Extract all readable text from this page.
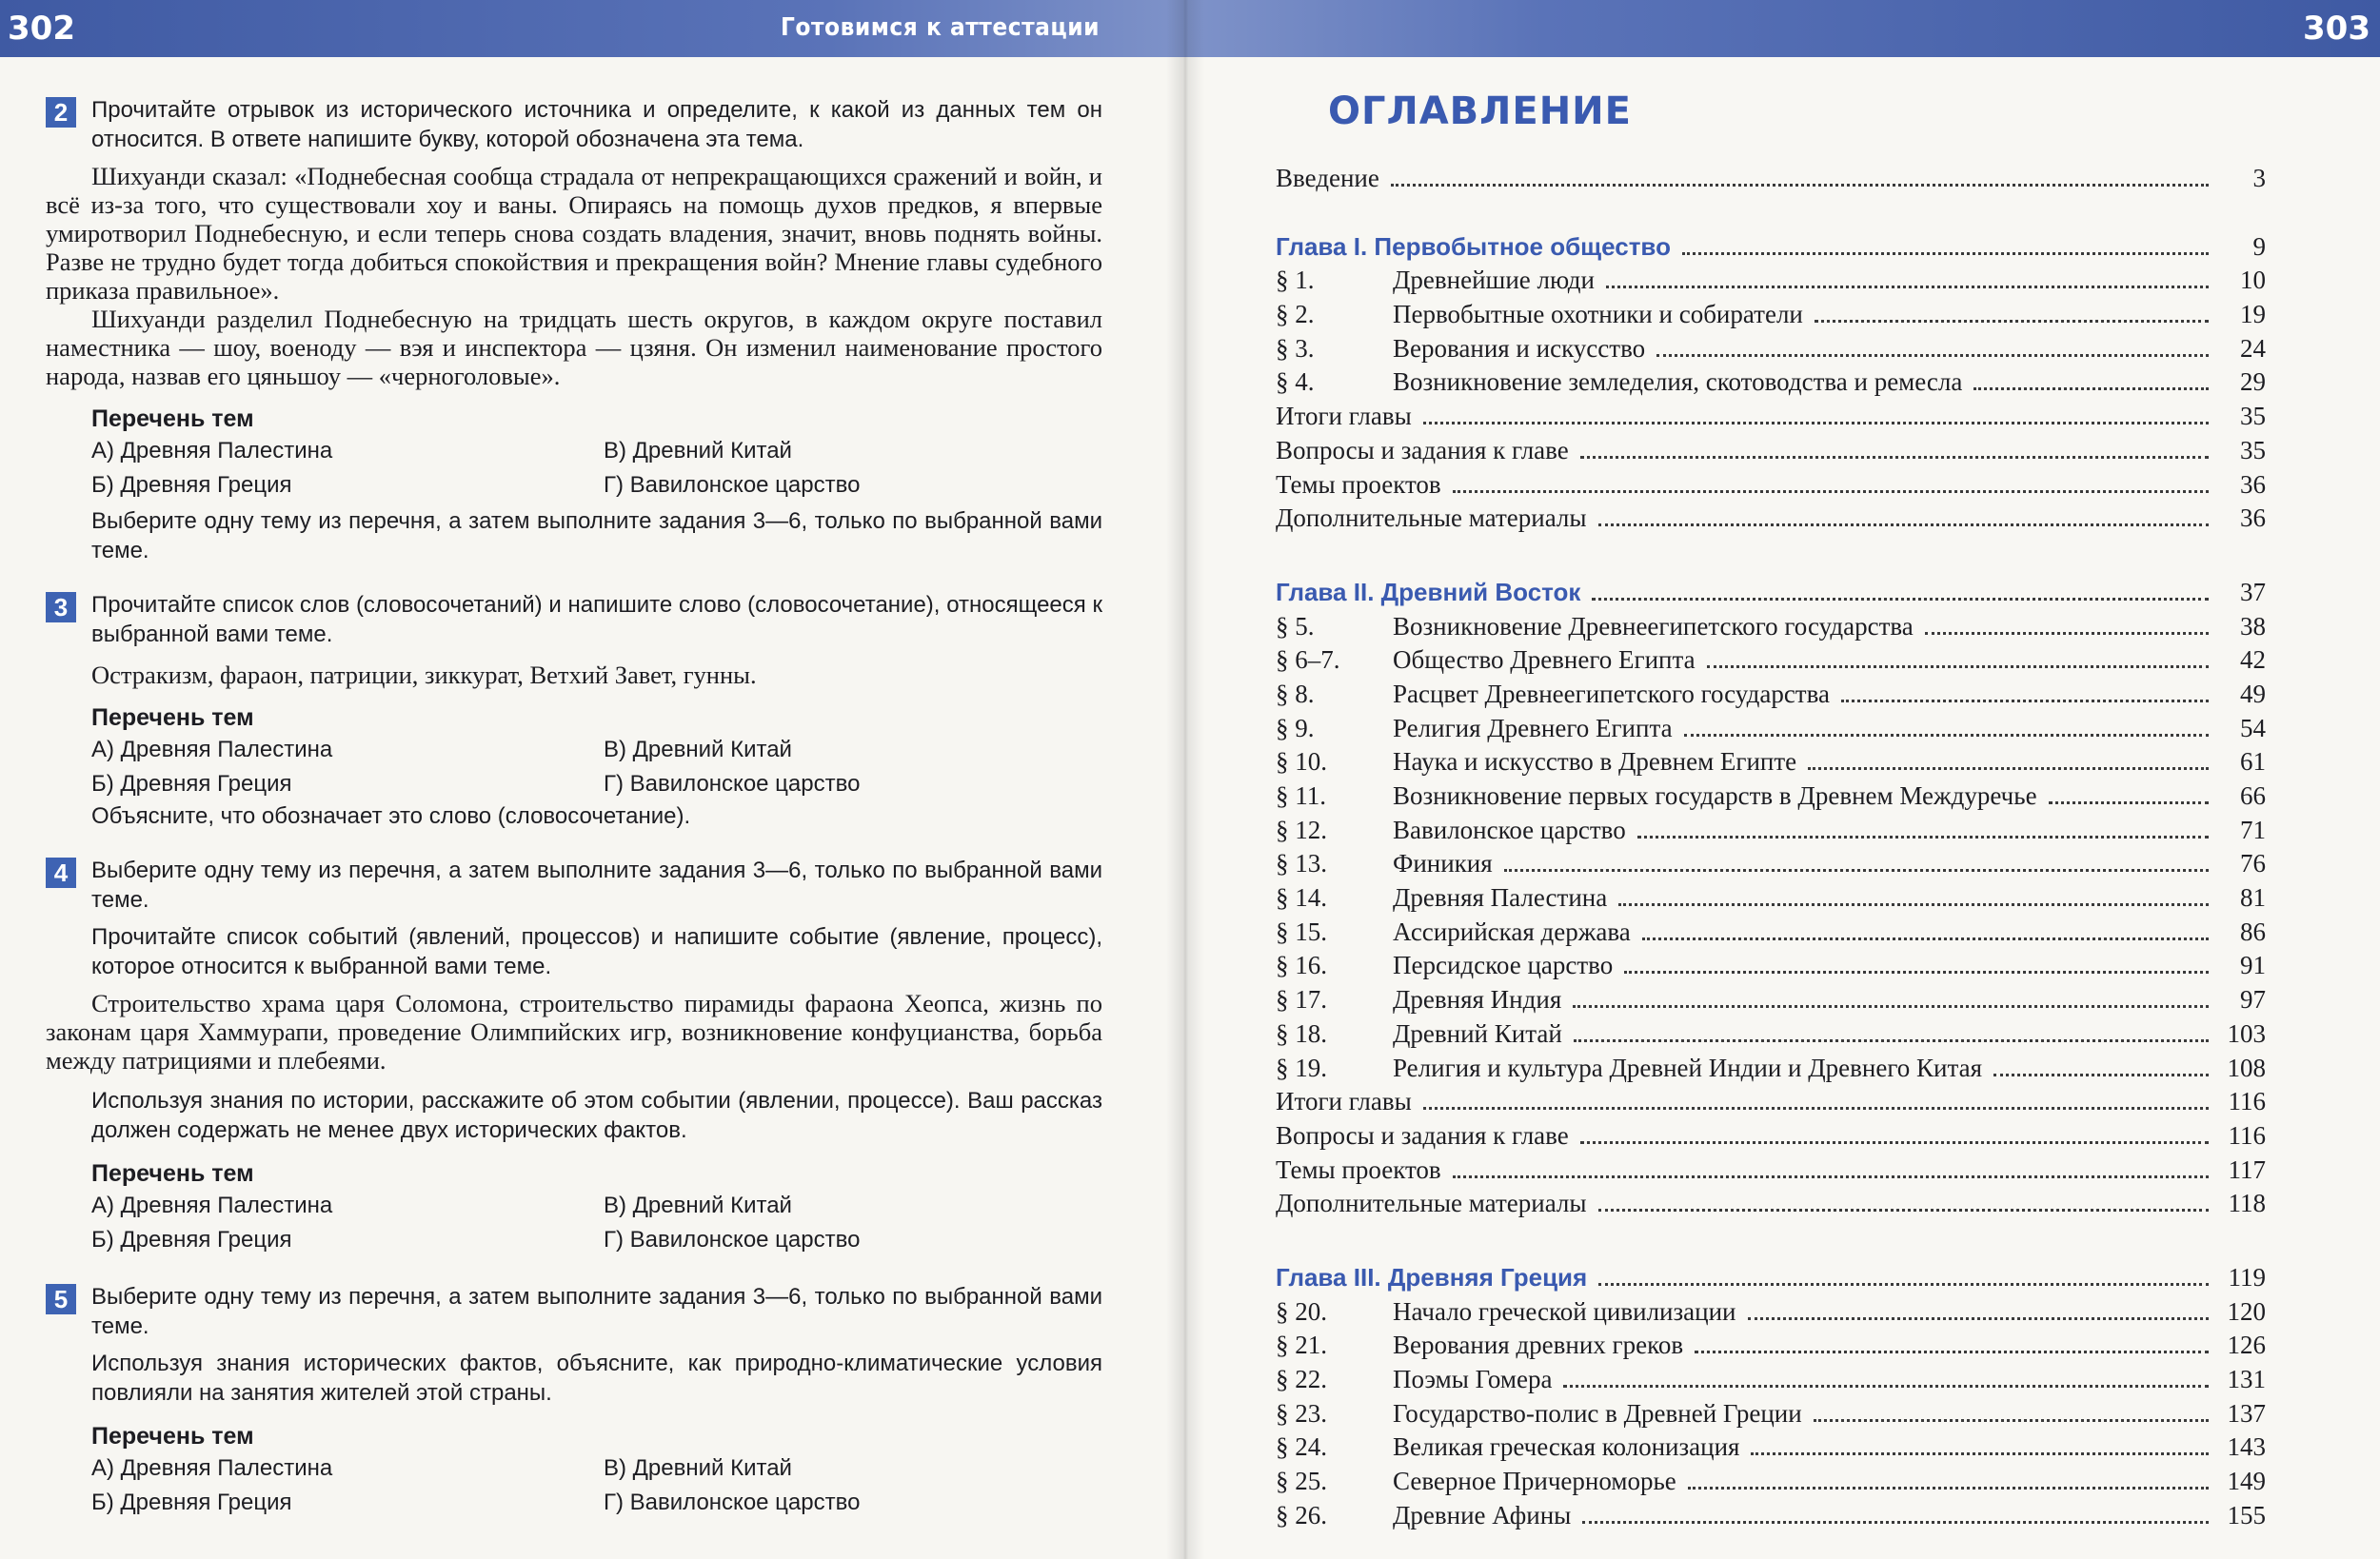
302	Готовимся к аттестации
2	Прочитайте отрывок из исторического источника и определите, к какой из данных тем он относится. В ответе напишите букву, которой обозначена эта тема.

Шихуанди сказал: «Поднебесная сообща страдала от непрекращающихся сражений и войн, и всё из-за того, что существовали хоу и ваны. Опираясь на помощь духов предков, я впервые умиротворил Поднебесную, и если теперь снова создать владения, значит, вновь поднять войны. Разве не трудно будет тогда добиться спокойствия и прекращения войн? Мнение главы судебного приказа правильное».

Шихуанди разделил Поднебесную на тридцать шесть округов, в каждом округе поставил наместника — шоу, военоду — вэя и инспектора — цзяня. Он изменил наименование простого народа, назвав его цяньшоу — «черноголовые».

Перечень тем
А) Древняя Палестина	В) Древний Китай
Б) Древняя Греция	Г) Вавилонское царство
Выберите одну тему из перечня, а затем выполните задания 3—6, только по выбранной вами теме.
3	Прочитайте список слов (словосочетаний) и напишите слово (словосочетание), относящееся к выбранной вами теме.
Остракизм, фараон, патриции, зиккурат, Ветхий Завет, гунны.
Перечень тем
А) Древняя Палестина	В) Древний Китай
Б) Древняя Греция	Г) Вавилонское царство
Объясните, что обозначает это слово (словосочетание).
4	Выберите одну тему из перечня, а затем выполните задания 3—6, только по выбранной вами теме.
Прочитайте список событий (явлений, процессов) и напишите событие (явление, процесс), которое относится к выбранной вами теме.
Строительство храма царя Соломона, строительство пирамиды фараона Хеопса, жизнь по законам царя Хаммурапи, проведение Олимпийских игр, возникновение конфуцианства, борьба между патрициями и плебеями.
Используя знания по истории, расскажите об этом событии (явлении, процессе). Ваш рассказ должен содержать не менее двух исторических фактов.
Перечень тем
А) Древняя Палестина	В) Древний Китай
Б) Древняя Греция	Г) Вавилонское царство
5	Выберите одну тему из перечня, а затем выполните задания 3—6, только по выбранной вами теме.
Используя знания исторических фактов, объясните, как природно-климатические условия повлияли на занятия жителей этой страны.
Перечень тем
А) Древняя Палестина	В) Древний Китай
Б) Древняя Греция	Г) Вавилонское царство
303
ОГЛАВЛЕНИЕ
Введение	3
Глава I. Первобытное общество	9
§ 1.	Древнейшие люди	10
§ 2.	Первобытные охотники и собиратели	19
§ 3.	Верования и искусство	24
§ 4.	Возникновение земледелия, скотоводства и ремесла	29
Итоги главы	35
Вопросы и задания к главе	35
Темы проектов	36
Дополнительные материалы	36
Глава II. Древний Восток	37
§ 5.	Возникновение Древнеегипетского государства	38
§ 6–7.	Общество Древнего Египта	42
§ 8.	Расцвет Древнеегипетского государства	49
§ 9.	Религия Древнего Египта	54
§ 10.	Наука и искусство в Древнем Египте	61
§ 11.	Возникновение первых государств в Древнем Междуречье	66
§ 12.	Вавилонское царство	71
§ 13.	Финикия	76
§ 14.	Древняя Палестина	81
§ 15.	Ассирийская держава	86
§ 16.	Персидское царство	91
§ 17.	Древняя Индия	97
§ 18.	Древний Китай	103
§ 19.	Религия и культура Древней Индии и Древнего Китая	108
Итоги главы	116
Вопросы и задания к главе	116
Темы проектов	117
Дополнительные материалы	118
Глава III. Древняя Греция	119
§ 20.	Начало греческой цивилизации	120
§ 21.	Верования древних греков	126
§ 22.	Поэмы Гомера	131
§ 23.	Государство-полис в Древней Греции	137
§ 24.	Великая греческая колонизация	143
§ 25.	Северное Причерноморье	149
§ 26.	Древние Афины	155
